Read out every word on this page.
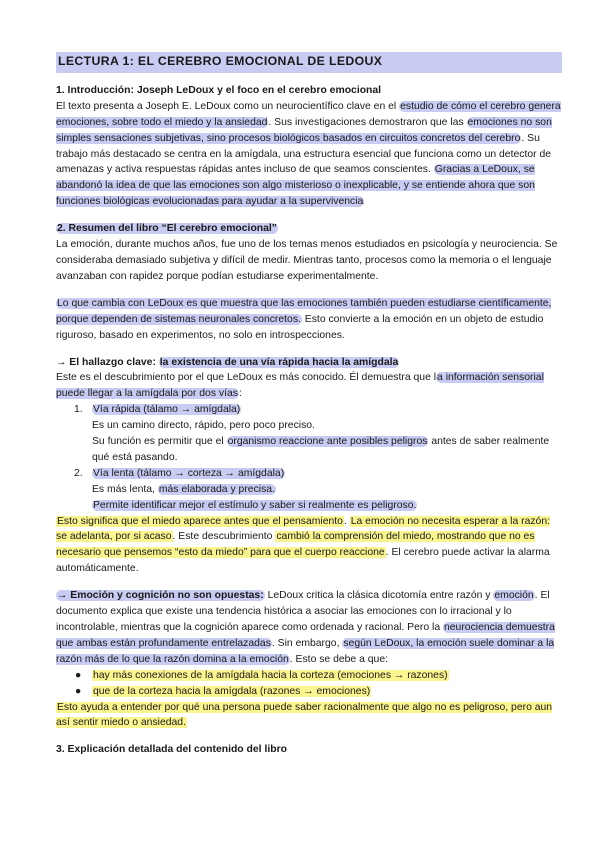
LECTURA 1: EL CEREBRO EMOCIONAL DE LEDOUX
1. Introducción: Joseph LeDoux y el foco en el cerebro emocional

El texto presenta a Joseph E. LeDoux como un neurocientífico clave en el estudio de cómo el cerebro genera emociones, sobre todo el miedo y la ansiedad. Sus investigaciones demostraron que las emociones no son simples sensaciones subjetivas, sino procesos biológicos basados en circuitos concretos del cerebro. Su trabajo más destacado se centra en la amígdala, una estructura esencial que funciona como un detector de amenazas y activa respuestas rápidas antes incluso de que seamos conscientes. Gracias a LeDoux, se abandonó la idea de que las emociones son algo misterioso o inexplicable, y se entiende ahora que son funciones biológicas evolucionadas para ayudar a la supervivencia

2. Resumen del libro “El cerebro emocional”

La emoción, durante muchos años, fue uno de los temas menos estudiados en psicología y neurociencia. Se consideraba demasiado subjetiva y difícil de medir. Mientras tanto, procesos como la memoria o el lenguaje avanzaban con rapidez porque podían estudiarse experimentalmente.

Lo que cambia con LeDoux es que muestra que las emociones también pueden estudiarse científicamente, porque dependen de sistemas neuronales concretos. Esto convierte a la emoción en un objeto de estudio riguroso, basado en experimentos, no solo en introspecciones.

→ El hallazgo clave: la existencia de una vía rápida hacia la amígdala

Este es el descubrimiento por el que LeDoux es más conocido. Él demuestra que la información sensorial puede llegar a la amígdala por dos vías:

1. Vía rápida (tálamo → amígdala)
Es un camino directo, rápido, pero poco preciso.
Su función es permitir que el organismo reaccione ante posibles peligros antes de saber realmente qué está pasando.
2. Vía lenta (tálamo → corteza → amígdala)
Es más lenta, más elaborada y precisa.
Permite identificar mejor el estímulo y saber si realmente es peligroso.

Esto significa que el miedo aparece antes que el pensamiento. La emoción no necesita esperar a la razón: se adelanta, por si acaso. Este descubrimiento cambió la comprensión del miedo, mostrando que no es necesario que pensemos “esto da miedo” para que el cuerpo reaccione. El cerebro puede activar la alarma automáticamente.

→ Emoción y cognición no son opuestas: LeDoux critica la clásica dicotomía entre razón y emoción. El documento explica que existe una tendencia histórica a asociar las emociones con lo irracional y lo incontrolable, mientras que la cognición aparece como ordenada y racional. Pero la neurociencia demuestra que ambas están profundamente entrelazadas. Sin embargo, según LeDoux, la emoción suele dominar a la razón más de lo que la razón domina a la emoción. Esto se debe a que:

● hay más conexiones de la amígdala hacia la corteza (emociones → razones)
● que de la corteza hacia la amígdala (razones → emociones)

Esto ayuda a entender por qué una persona puede saber racionalmente que algo no es peligroso, pero aun así sentir miedo o ansiedad.

3. Explicación detallada del contenido del libro
